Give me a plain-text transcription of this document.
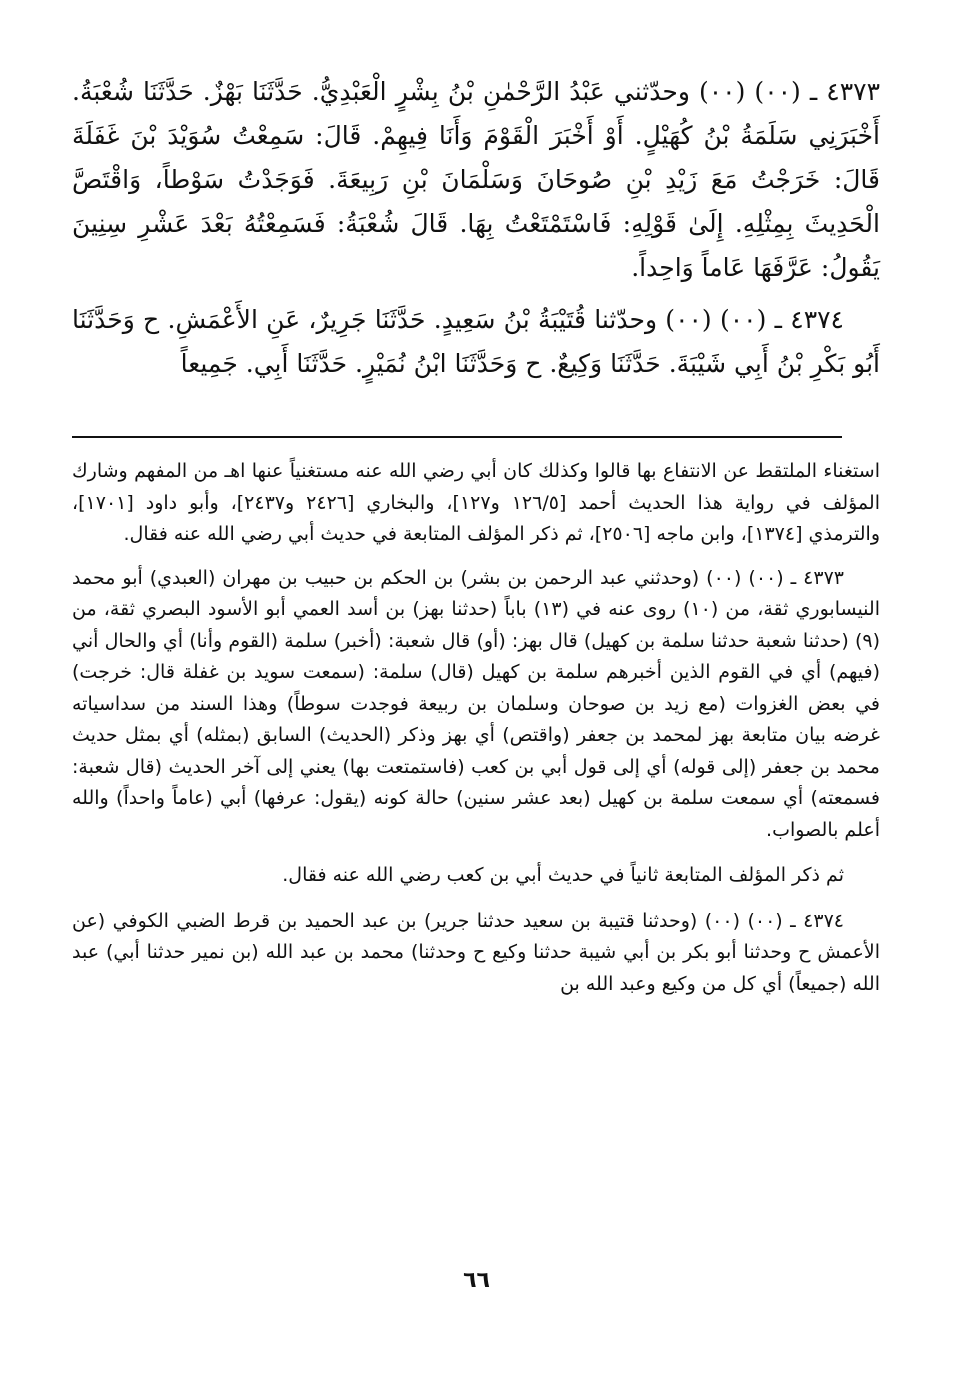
٤٣٧٣ ـ (٠٠) (٠٠) وحدّثني عَبْدُ الرَّحْمٰنِ بْنُ بِشْرٍ الْعَبْدِيُّ. حَدَّثَنَا بَهْزٌ. حَدَّثَنَا شُعْبَةُ. أَخْبَرَنِي سَلَمَةُ بْنُ كُهَيْلٍ. أَوْ أَخْبَرَ الْقَوْمَ وَأَنَا فِيهِمْ. قَالَ: سَمِعْتُ سُوَيْدَ بْنَ غَفَلَةَ قَالَ: خَرَجْتُ مَعَ زَيْدِ بْنِ صُوحَانَ وَسَلْمَانَ بْنِ رَبِيعَةَ. فَوَجَدْتُ سَوْطاً، وَاقْتَصَّ الْحَدِيثَ بِمِثْلِهِ. إِلَىٰ قَوْلِهِ: فَاسْتَمْتَعْتُ بِهَا. قَالَ شُعْبَةُ: فَسَمِعْتُهُ بَعْدَ عَشْرِ سِنِينَ يَقُولُ: عَرَّفَهَا عَاماً وَاحِداً.

٤٣٧٤ ـ (٠٠) (٠٠) وحدّثنا قُتَيْبَةُ بْنُ سَعِيدٍ. حَدَّثَنَا جَرِيرٌ، عَنِ الأَعْمَشِ. ح وَحَدَّثَنَا أَبُو بَكْرِ بْنُ أَبِي شَيْبَةَ. حَدَّثَنَا وَكِيعٌ. ح وَحَدَّثَنَا ابْنُ نُمَيْرٍ. حَدَّثَنَا أَبِي. جَمِيعاً

استغناء الملتقط عن الانتفاع بها قالوا وكذلك كان أبي رضي الله عنه مستغنياً عنها اهـ من المفهم وشارك المؤلف في رواية هذا الحديث أحمد [١٢٦/٥ و١٢٧]، والبخاري [٢٤٢٦ و٢٤٣٧]، وأبو داود [١٧٠١]، والترمذي [١٣٧٤]، وابن ماجه [٢٥٠٦]، ثم ذكر المؤلف المتابعة في حديث أبي رضي الله عنه فقال.

٤٣٧٣ ـ (٠٠) (٠٠) (وحدثني عبد الرحمن بن بشر) بن الحكم بن حبيب بن مهران (العبدي) أبو محمد النيسابوري ثقة، من (١٠) روى عنه في (١٣) باباً (حدثنا بهز) بن أسد العمي أبو الأسود البصري ثقة، من (٩) (حدثنا شعبة حدثنا سلمة بن كهيل) قال بهز: (أو) قال شعبة: (أخبر) سلمة (القوم وأنا) أي والحال أني (فيهم) أي في القوم الذين أخبرهم سلمة بن كهيل (قال) سلمة: (سمعت سويد بن غفلة قال: خرجت) في بعض الغزوات (مع زيد بن صوحان وسلمان بن ربيعة فوجدت سوطاً) وهذا السند من سداسياته غرضه بيان متابعة بهز لمحمد بن جعفر (واقتص) أي بهز وذكر (الحديث) السابق (بمثله) أي بمثل حديث محمد بن جعفر (إلى قوله) أي إلى قول أبي بن كعب (فاستمتعت بها) يعني إلى آخر الحديث (قال شعبة: فسمعته) أي سمعت سلمة بن كهيل (بعد عشر سنين) حالة كونه (يقول: عرفها) أبي (عاماً واحداً) والله أعلم بالصواب.

ثم ذكر المؤلف المتابعة ثانياً في حديث أبي بن كعب رضي الله عنه فقال.

٤٣٧٤ ـ (٠٠) (٠٠) (وحدثنا قتيبة بن سعيد حدثنا جرير) بن عبد الحميد بن قرط الضبي الكوفي (عن الأعمش ح وحدثنا أبو بكر بن أبي شيبة حدثنا وكيع ح وحدثنا) محمد بن عبد الله (بن نمير حدثنا أبي) عبد الله (جميعاً) أي كل من وكيع وعبد الله بن

٦٦
